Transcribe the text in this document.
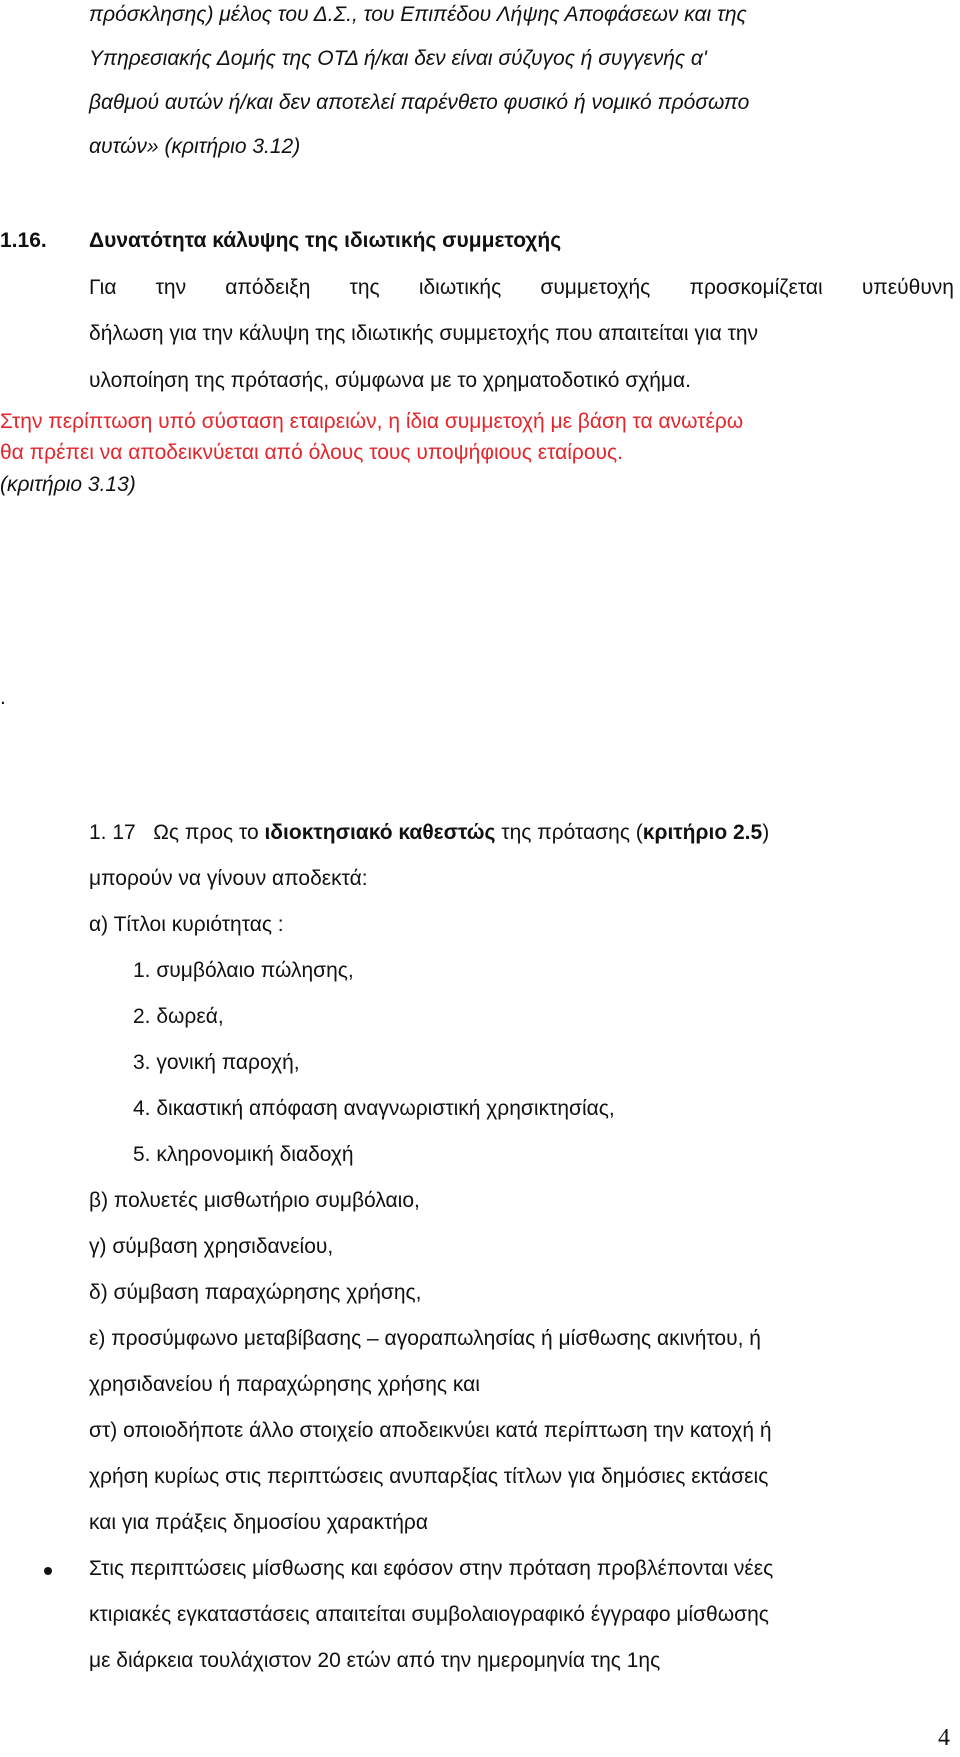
πρόσκλησης) μέλος του Δ.Σ., του Επιπέδου Λήψης Αποφάσεων και της
Υπηρεσιακής Δομής της ΟΤΔ ή/και δεν είναι σύζυγος ή συγγενής α'
βαθμού αυτών ή/και δεν αποτελεί παρένθετο φυσικό ή νομικό πρόσωπο
αυτών» (κριτήριο 3.12)
1.16. Δυνατότητα κάλυψης της ιδιωτικής συμμετοχής
Για την απόδειξη της ιδιωτικής συμμετοχής προσκομίζεται υπεύθυνη
δήλωση για την κάλυψη της ιδιωτικής συμμετοχής που απαιτείται για την
υλοποίηση της πρότασής, σύμφωνα με το χρηματοδοτικό σχήμα.
Στην περίπτωση υπό σύσταση εταιρειών, η ίδια συμμετοχή με βάση τα ανωτέρω
θα πρέπει να αποδεικνύεται από όλους τους υποψήφιους εταίρους.
(κριτήριο 3.13)
.
1. 17 Ως προς το ιδιοκτησιακό καθεστώς της πρότασης (κριτήριο 2.5)
μπορούν να γίνουν αποδεκτά:
α) Τίτλοι κυριότητας :
1. συμβόλαιο πώλησης,
2. δωρεά,
3. γονική παροχή,
4. δικαστική απόφαση αναγνωριστική χρησικτησίας,
5. κληρονομική διαδοχή
β) πολυετές μισθωτήριο συμβόλαιο,
γ) σύμβαση χρησιδανείου,
δ) σύμβαση παραχώρησης χρήσης,
ε) προσύμφωνο μεταβίβασης – αγοραπωλησίας ή μίσθωσης ακινήτου, ή
χρησιδανείου ή παραχώρησης χρήσης και
στ) οποιοδήποτε άλλο στοιχείο αποδεικνύει κατά περίπτωση την κατοχή ή
χρήση κυρίως στις περιπτώσεις ανυπαρξίας τίτλων για δημόσιες εκτάσεις
και για πράξεις δημοσίου χαρακτήρα
Στις περιπτώσεις μίσθωσης και εφόσον στην πρόταση προβλέπονται νέες
κτιριακές εγκαταστάσεις απαιτείται συμβολαιογραφικό έγγραφο μίσθωσης
με διάρκεια τουλάχιστον 20 ετών από την ημερομηνία της 1ης
4
